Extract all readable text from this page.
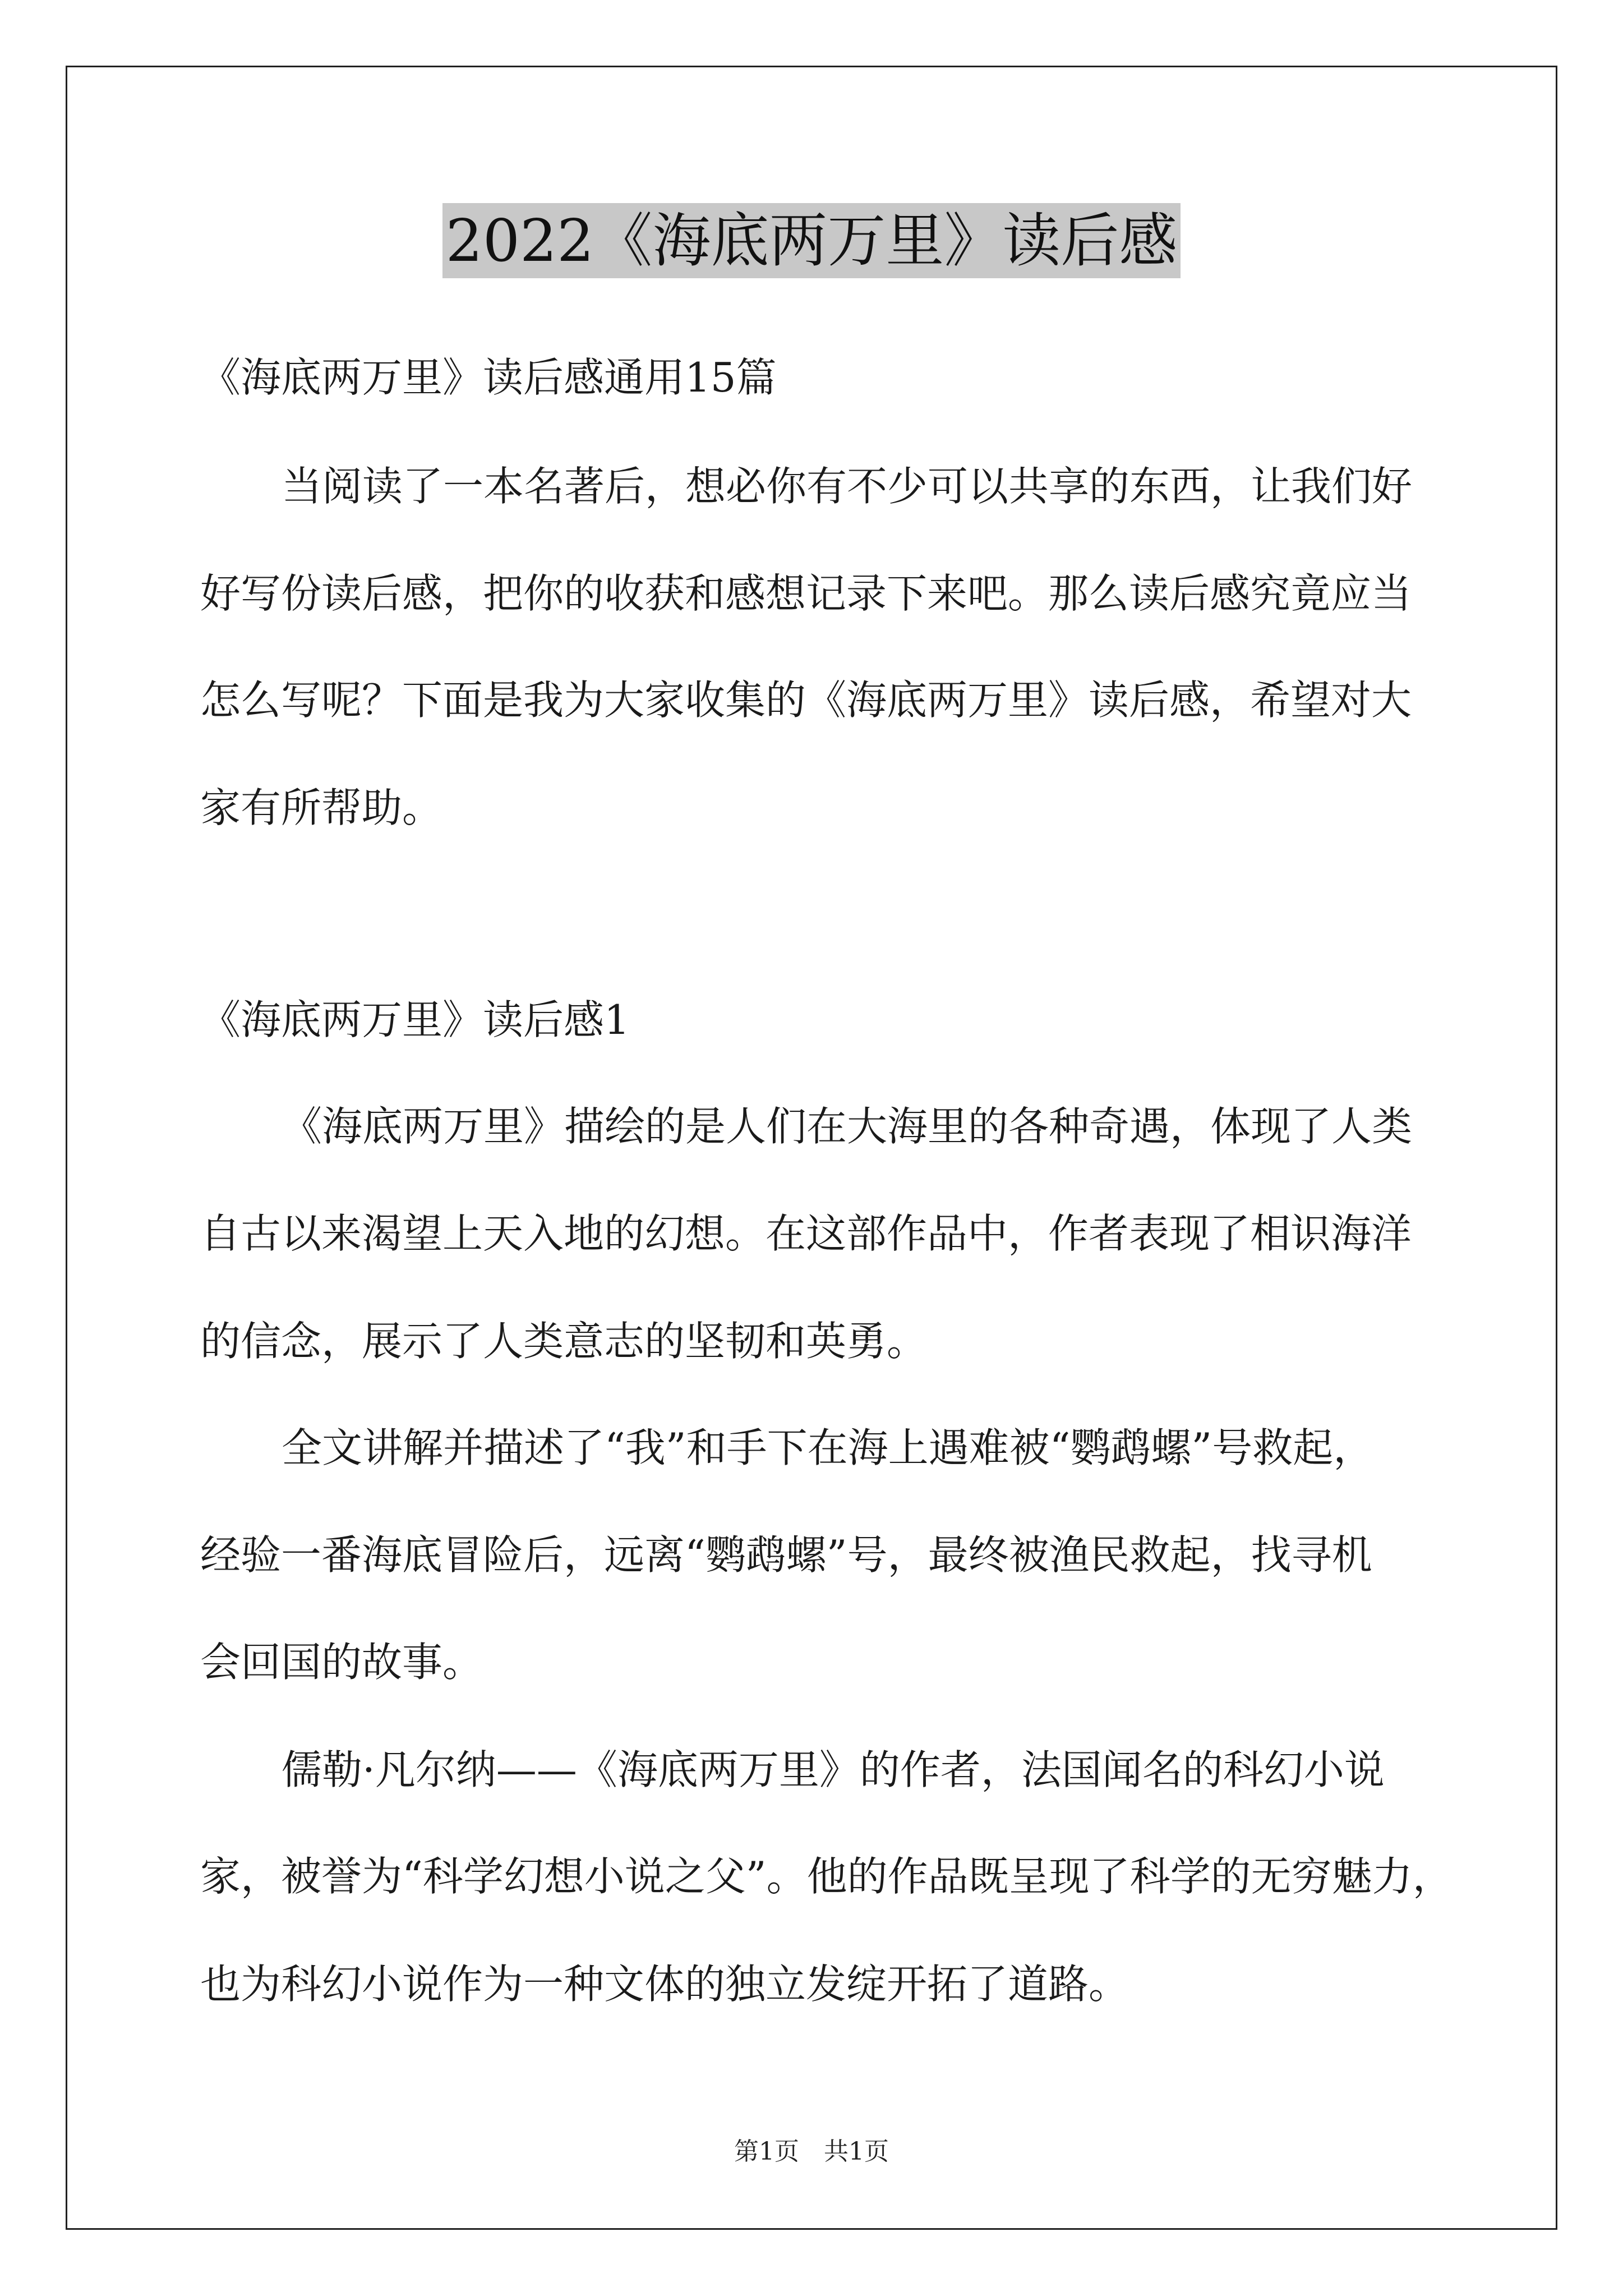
2022《海底两万里》读后感
《海底两万里》读后感通用15篇
当阅读了一本名著后，想必你有不少可以共享的东西，让我们好
好写份读后感，把你的收获和感想记录下来吧。那么读后感究竟应当
怎么写呢？下面是我为大家收集的《海底两万里》读后感，希望对大
家有所帮助。
《海底两万里》读后感1
《海底两万里》描绘的是人们在大海里的各种奇遇，体现了人类
自古以来渴望上天入地的幻想。在这部作品中，作者表现了相识海洋
的信念，展示了人类意志的坚韧和英勇。
全文讲解并描述了“我”和手下在海上遇难被“鹦鹉螺”号救起，
经验一番海底冒险后，远离“鹦鹉螺”号，最终被渔民救起，找寻机
会回国的故事。
儒勒·凡尔纳——《海底两万里》的作者，法国闻名的科幻小说
家，被誉为“科学幻想小说之父”。他的作品既呈现了科学的无穷魅力，
也为科幻小说作为一种文体的独立发绽开拓了道路。
第1页　共1页
